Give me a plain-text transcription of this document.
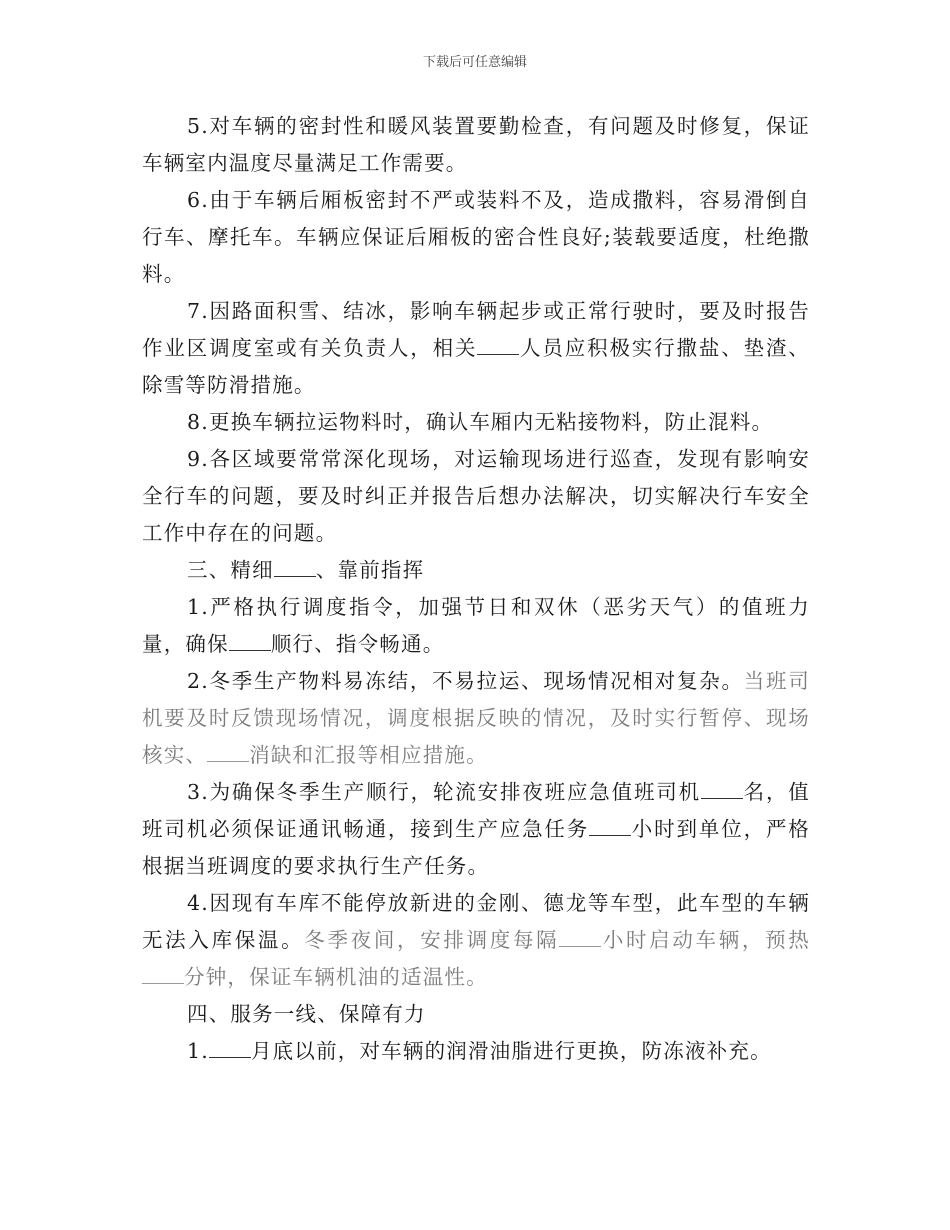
下载后可任意编辑

5.对车辆的密封性和暖风装置要勤检查，有问题及时修复，保证车辆室内温度尽量满足工作需要。

6.由于车辆后厢板密封不严或装料不及，造成撒料，容易滑倒自行车、摩托车。车辆应保证后厢板的密合性良好;装载要适度，杜绝撒料。

7.因路面积雪、结冰，影响车辆起步或正常行驶时，要及时报告作业区调度室或有关负责人，相关 人员应积极实行撒盐、垫渣、除雪等防滑措施。

8.更换车辆拉运物料时，确认车厢内无粘接物料，防止混料。

9.各区域要常常深化现场，对运输现场进行巡查，发现有影响安全行车的问题，要及时纠正并报告后想办法解决，切实解决行车安全工作中存在的问题。

三、精细 、靠前指挥

1.严格执行调度指令，加强节日和双休（恶劣天气）的值班力量，确保 顺行、指令畅通。

2.冬季生产物料易冻结，不易拉运、现场情况相对复杂。当班司机要及时反馈现场情况，调度根据反映的情况，及时实行暂停、现场核实、 消缺和汇报等相应措施。

3.为确保冬季生产顺行，轮流安排夜班应急值班司机 名，值班司机必须保证通讯畅通，接到生产应急任务 小时到单位，严格根据当班调度的要求执行生产任务。

4.因现有车库不能停放新进的金刚、德龙等车型，此车型的车辆无法入库保温。冬季夜间，安排调度每隔 小时启动车辆，预热分钟，保证车辆机油的适温性。

四、服务一线、保障有力

1. 月底以前，对车辆的润滑油脂进行更换，防冻液补充。
